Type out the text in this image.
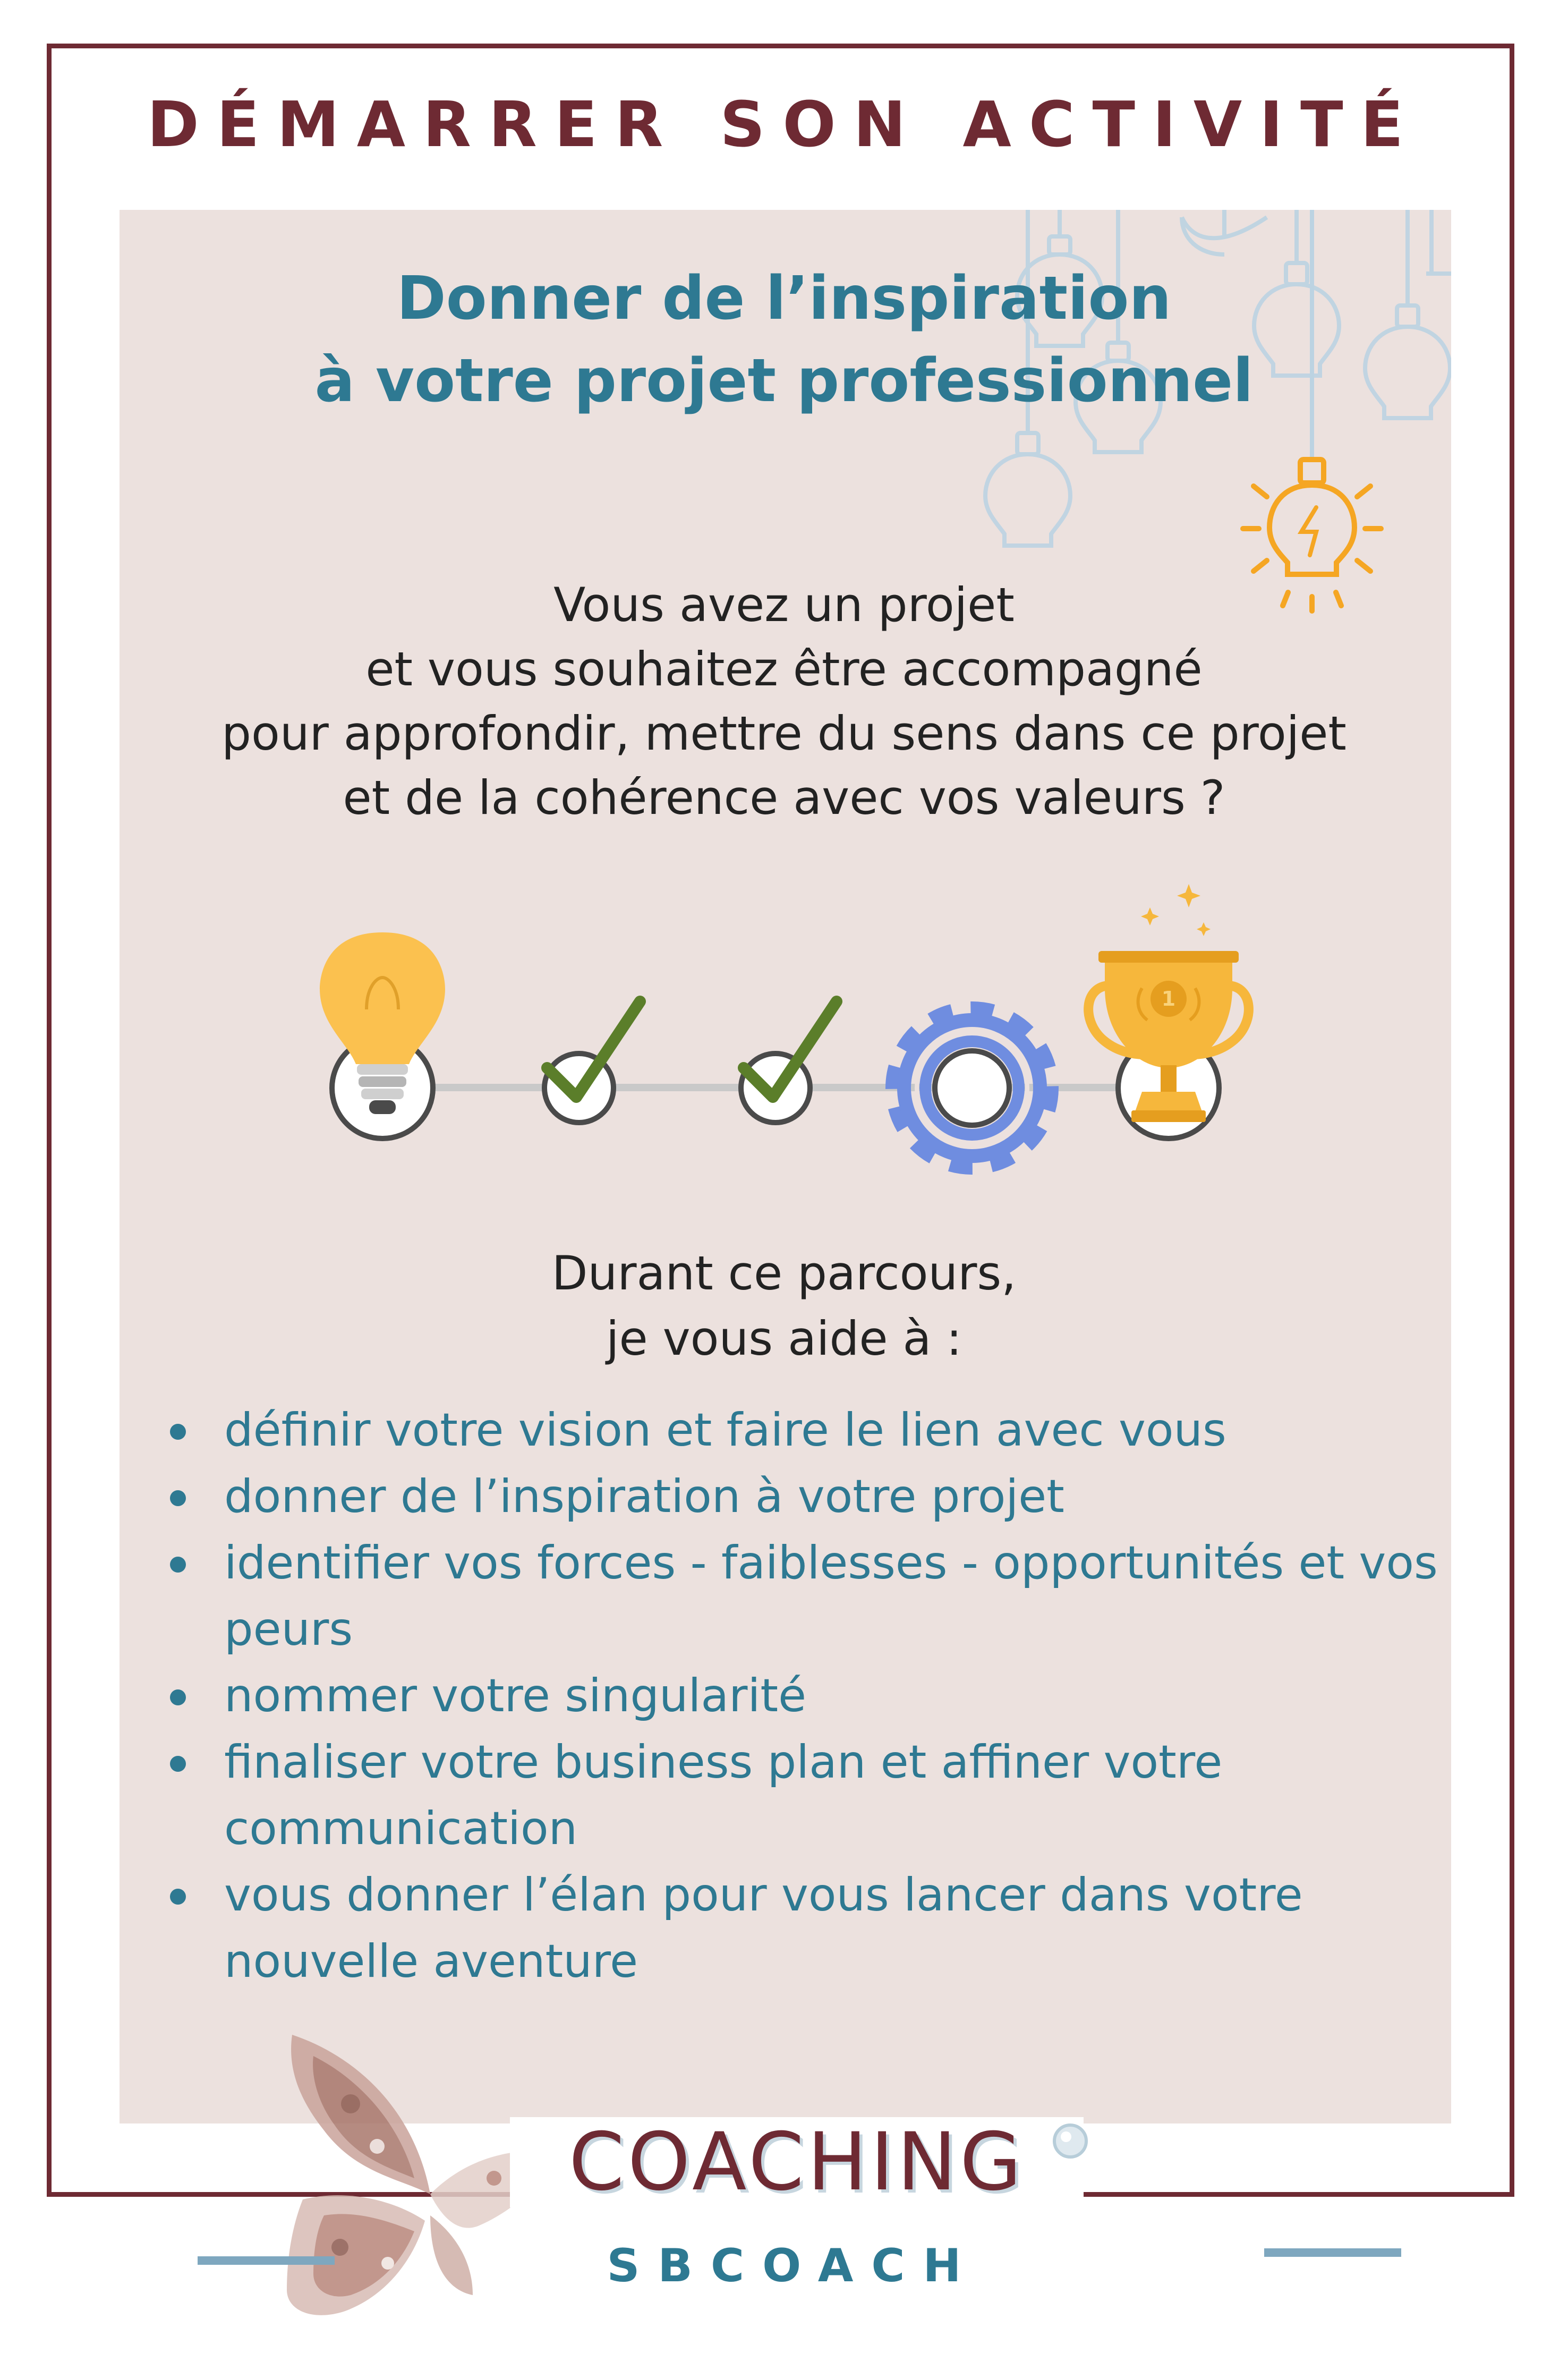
DÉMARRER SON ACTIVITÉ
Donner de l’inspiration
à votre projet professionnel
Vous avez un projet
et vous souhaitez être accompagné
pour approfondir, mettre du sens dans ce projet
et de la cohérence avec vos valeurs ?
1
Durant ce parcours,
je vous aide à :
définir votre vision et faire le lien avec vous
donner de l’inspiration à votre projet
identifier vos forces - faiblesses - opportunités et vos peurs
nommer votre singularité
finaliser votre business plan et affiner votre communication
vous donner l’élan pour vous lancer dans votre nouvelle aventure
COACHING
SBCOACH
